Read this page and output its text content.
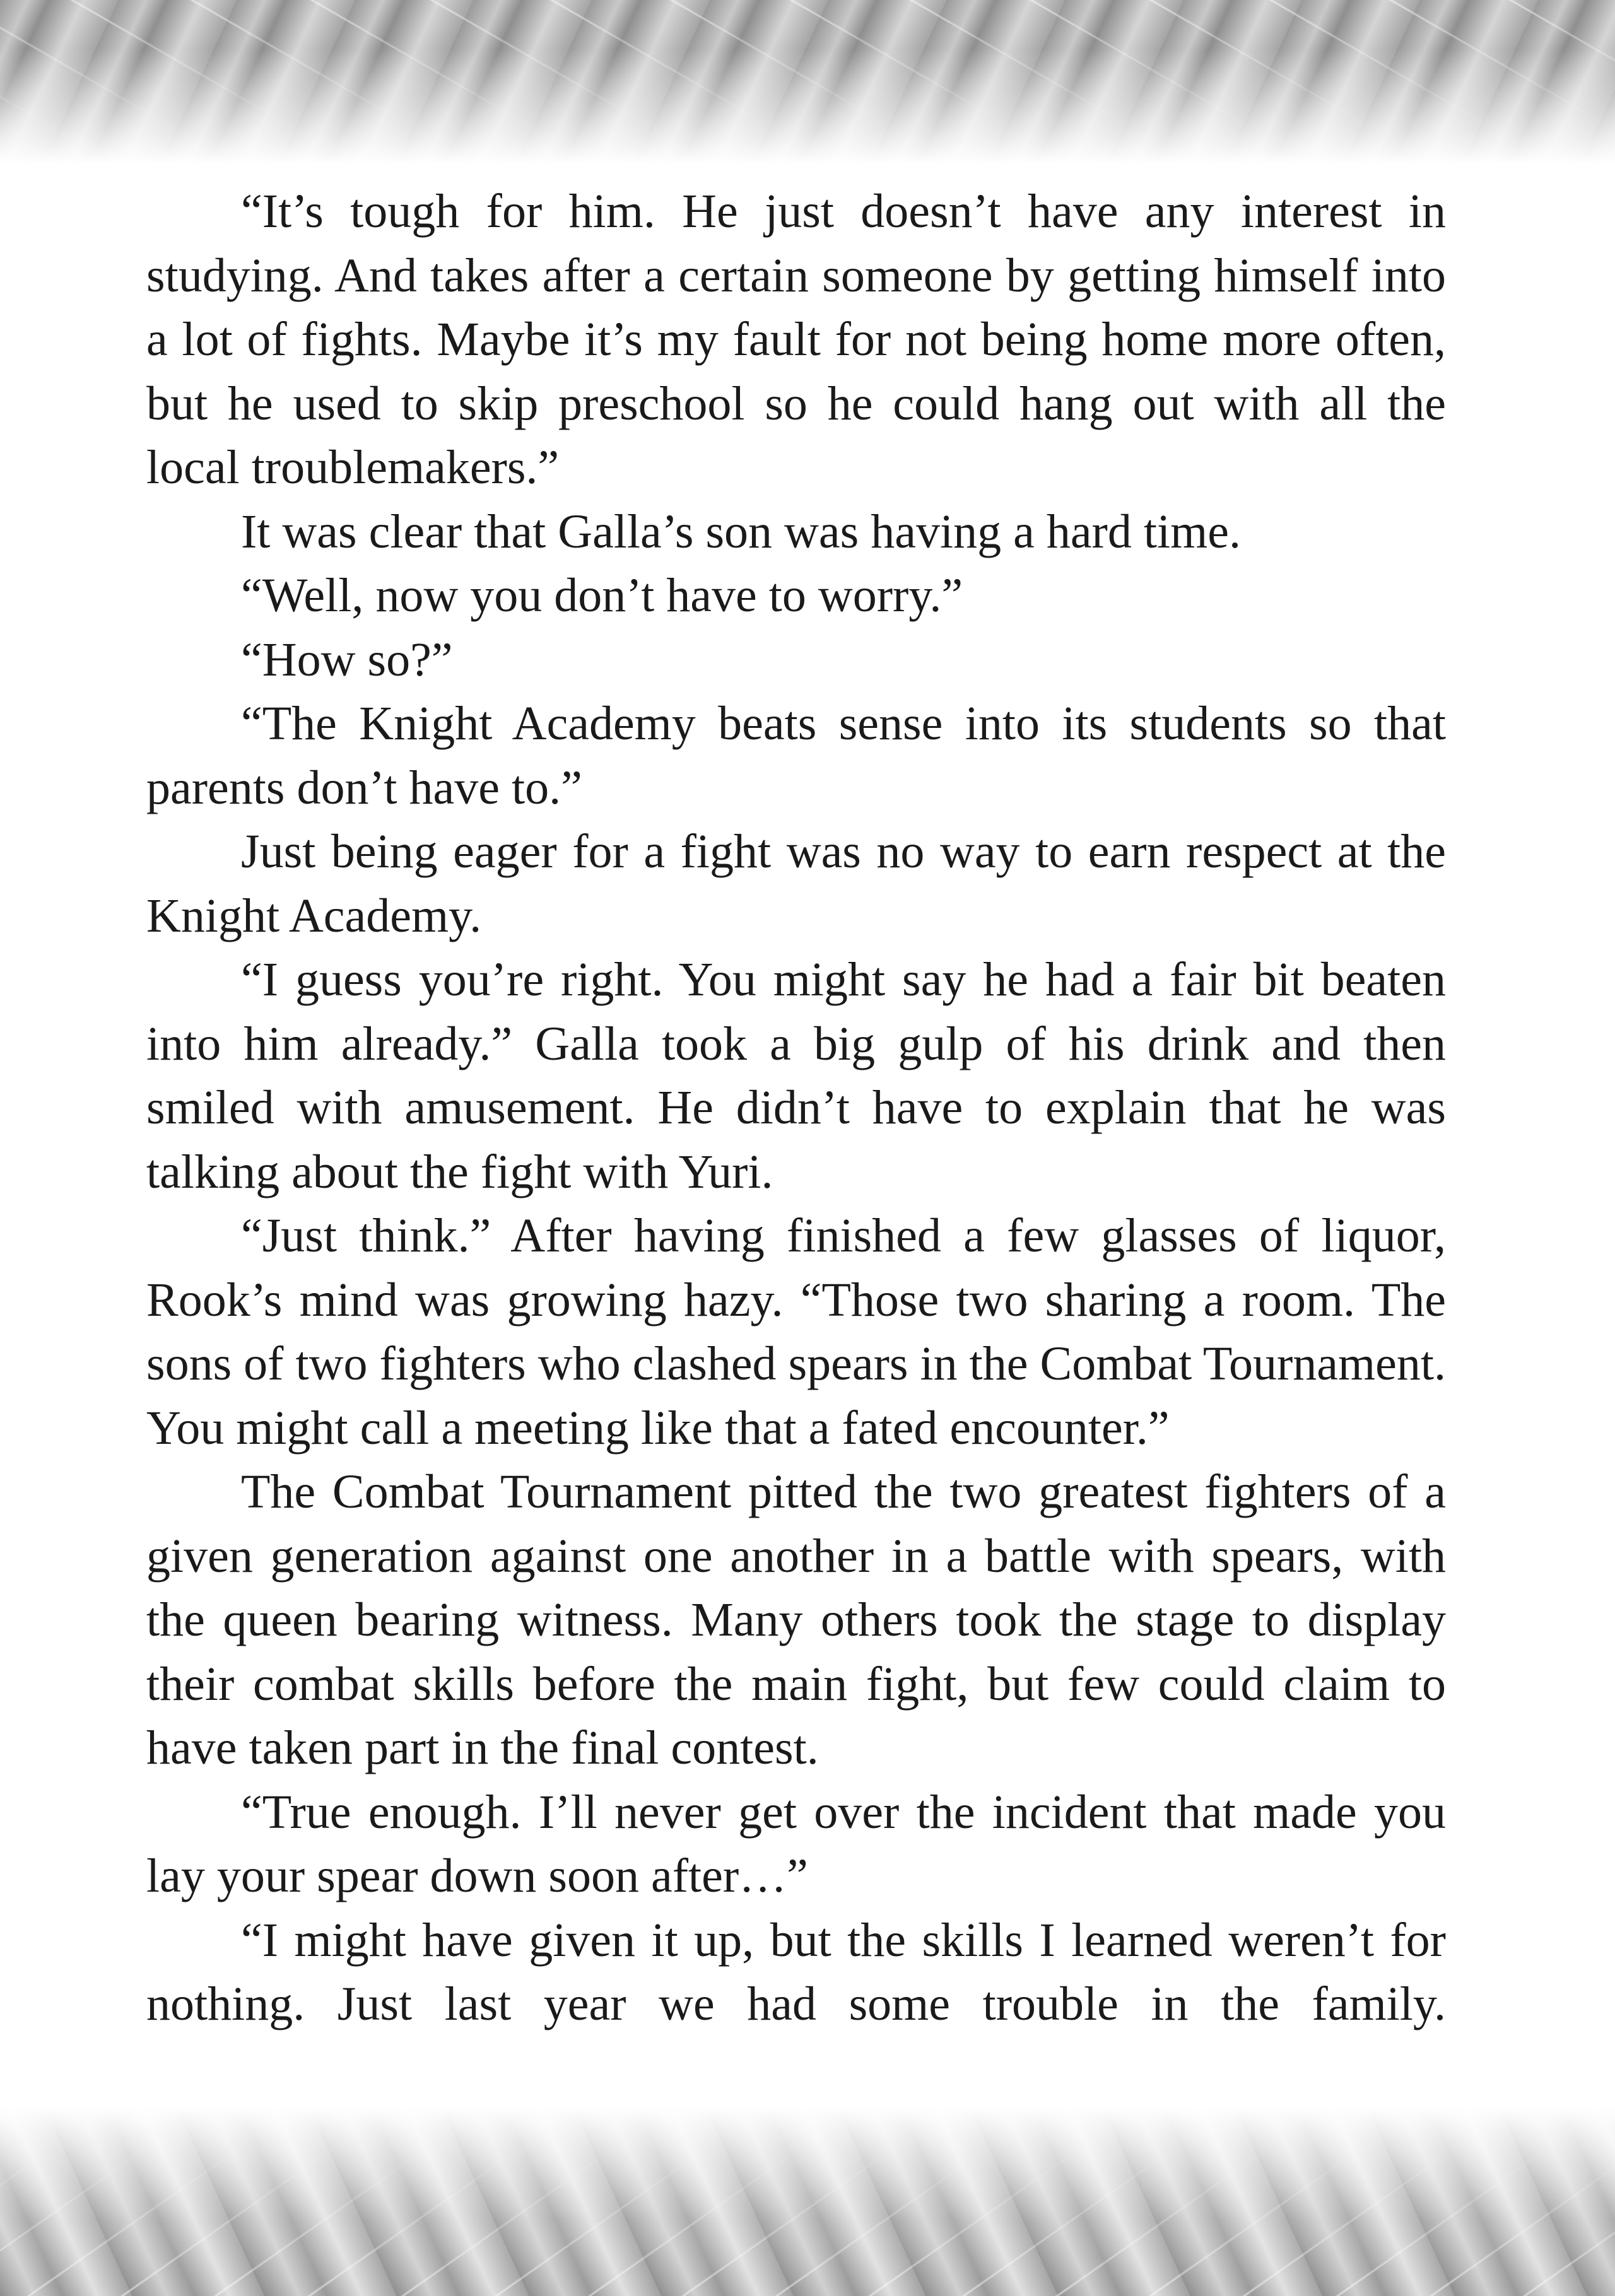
“It’s tough for him. He just doesn’t have any interest in studying. And takes after a certain someone by getting himself into a lot of fights. Maybe it’s my fault for not being home more often, but he used to skip preschool so he could hang out with all the local troublemakers.”

It was clear that Galla’s son was having a hard time.

“Well, now you don’t have to worry.”

“How so?”

“The Knight Academy beats sense into its students so that parents don’t have to.”

Just being eager for a fight was no way to earn respect at the Knight Academy.

“I guess you’re right. You might say he had a fair bit beaten into him already.” Galla took a big gulp of his drink and then smiled with amusement. He didn’t have to explain that he was talking about the fight with Yuri.

“Just think.” After having finished a few glasses of liquor, Rook’s mind was growing hazy. “Those two sharing a room. The sons of two fighters who clashed spears in the Combat Tournament. You might call a meeting like that a fated encounter.”

The Combat Tournament pitted the two greatest fighters of a given generation against one another in a battle with spears, with the queen bearing witness. Many others took the stage to display their combat skills before the main fight, but few could claim to have taken part in the final contest.

“True enough. I’ll never get over the incident that made you lay your spear down soon after…”

“I might have given it up, but the skills I learned weren’t for nothing. Just last year we had some trouble in the family.
